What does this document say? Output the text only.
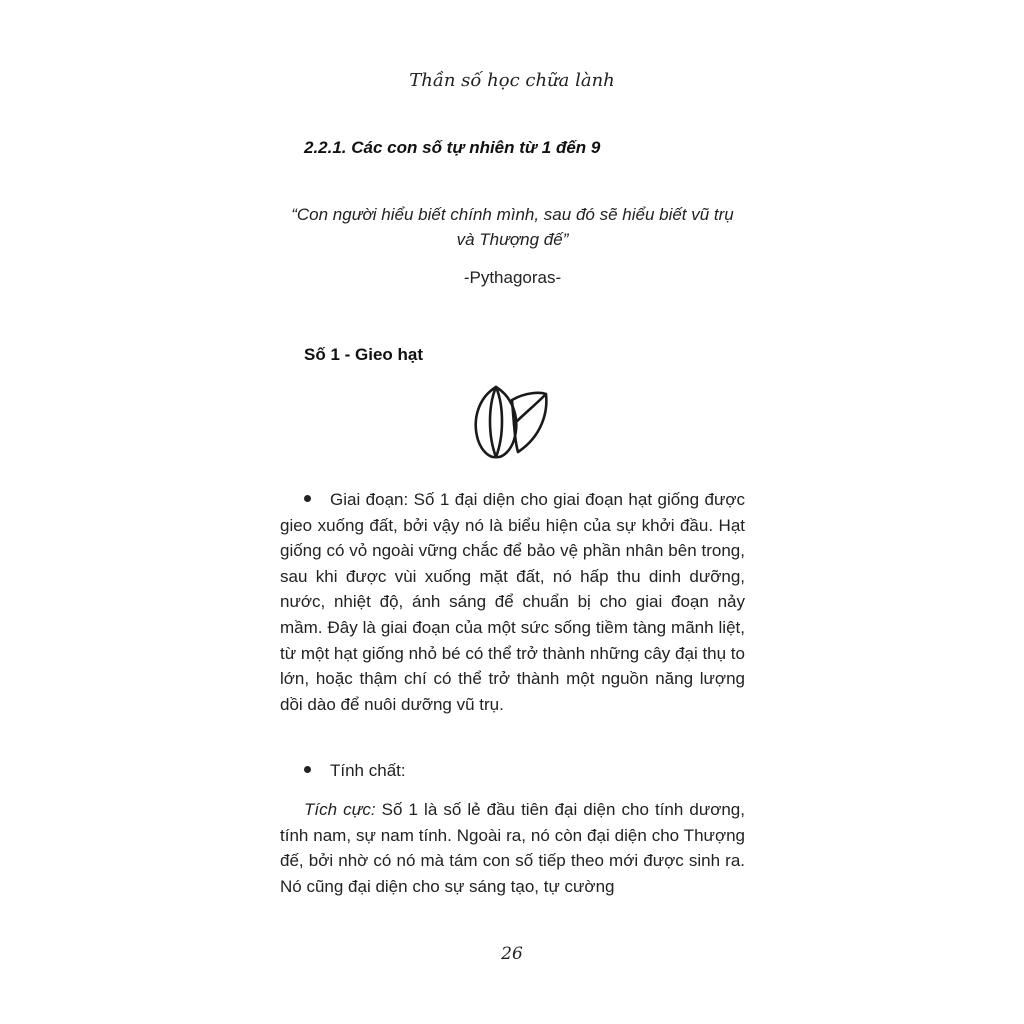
Thần số học chữa lành
2.2.1. Các con số tự nhiên từ 1 đến 9
“Con người hiểu biết chính mình, sau đó sẽ hiểu biết vũ trụ và Thượng đế”
-Pythagoras-
Số 1 - Gieo hạt
Giai đoạn: Số 1 đại diện cho giai đoạn hạt giống được gieo xuống đất, bởi vậy nó là biểu hiện của sự khởi đầu. Hạt giống có vỏ ngoài vững chắc để bảo vệ phần nhân bên trong, sau khi được vùi xuống mặt đất, nó hấp thu dinh dưỡng, nước, nhiệt độ, ánh sáng để chuẩn bị cho giai đoạn nảy mầm. Đây là giai đoạn của một sức sống tiềm tàng mãnh liệt, từ một hạt giống nhỏ bé có thể trở thành những cây đại thụ to lớn, hoặc thậm chí có thể trở thành một nguồn năng lượng dồi dào để nuôi dưỡng vũ trụ.
Tính chất:
Tích cực: Số 1 là số lẻ đầu tiên đại diện cho tính dương, tính nam, sự nam tính. Ngoài ra, nó còn đại diện cho Thượng đế, bởi nhờ có nó mà tám con số tiếp theo mới được sinh ra. Nó cũng đại diện cho sự sáng tạo, tự cường
26
